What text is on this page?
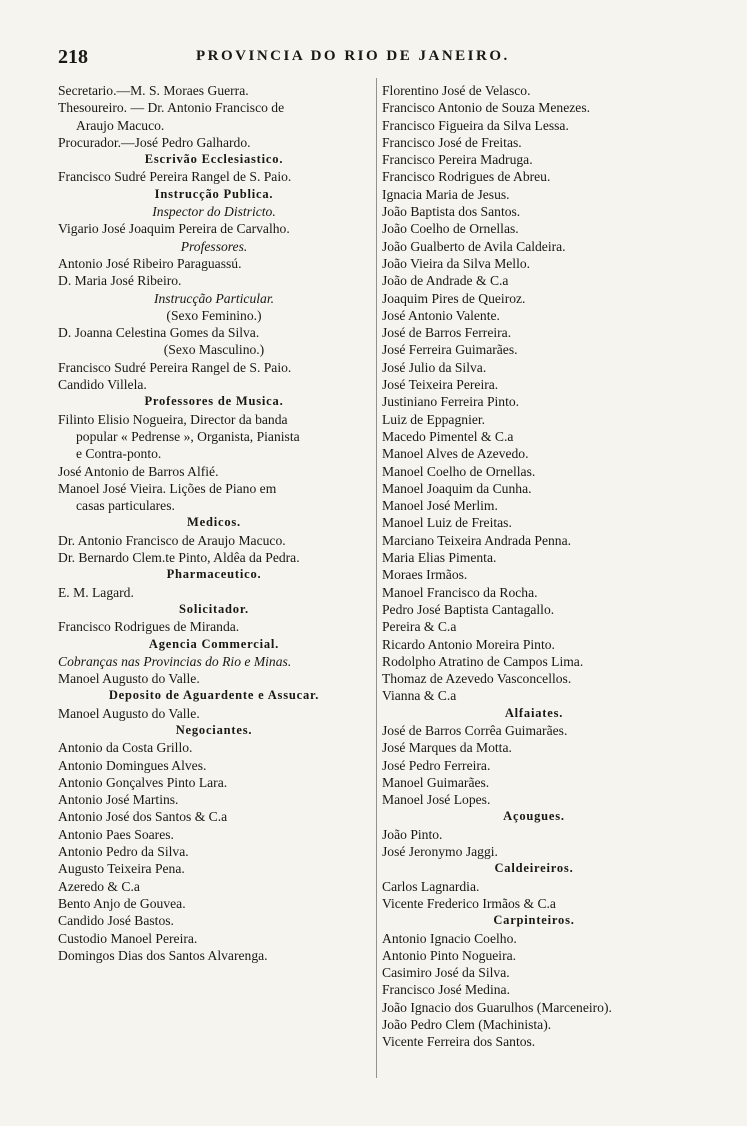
218	PROVINCIA DO RIO DE JANEIRO.
Secretario.—M. S. Moraes Guerra.
Thesoureiro. — Dr. Antonio Francisco de
Araujo Macuco.
Procurador.—José Pedro Galhardo.
Escrivão Ecclesiastico.
Francisco Sudré Pereira Rangel de S. Paio.
Instrucção Publica.
Inspector do Districto.
Vigario José Joaquim Pereira de Carvalho.
Professores.
Antonio José Ribeiro Paraguassú.
D. Maria José Ribeiro.
Instrucção Particular.
(Sexo Feminino.)
D. Joanna Celestina Gomes da Silva.
(Sexo Masculino.)
Francisco Sudré Pereira Rangel de S. Paio.
Candido Villela.
Professores de Musica.
Filinto Elisio Nogueira, Director da banda
popular « Pedrense », Organista, Pianista
e Contra-ponto.
José Antonio de Barros Alfié.
Manoel José Vieira. Lições de Piano em
casas particulares.
Medicos.
Dr. Antonio Francisco de Araujo Macuco.
Dr. Bernardo Clem.te Pinto, Aldêa da Pedra.
Pharmaceutico.
E. M. Lagard.
Solicitador.
Francisco Rodrigues de Miranda.
Agencia Commercial.
Cobranças nas Provincias do Rio e Minas.
Manoel Augusto do Valle.
Deposito de Aguardente e Assucar.
Manoel Augusto do Valle.
Negociantes.
Antonio da Costa Grillo.
Antonio Domingues Alves.
Antonio Gonçalves Pinto Lara.
Antonio José Martins.
Antonio José dos Santos & C.a
Antonio Paes Soares.
Antonio Pedro da Silva.
Augusto Teixeira Pena.
Azeredo & C.a
Bento Anjo de Gouvea.
Candido José Bastos.
Custodio Manoel Pereira.
Domingos Dias dos Santos Alvarenga.
Florentino José de Velasco.
Francisco Antonio de Souza Menezes.
Francisco Figueira da Silva Lessa.
Francisco José de Freitas.
Francisco Pereira Madruga.
Francisco Rodrigues de Abreu.
Ignacia Maria de Jesus.
João Baptista dos Santos.
João Coelho de Ornellas.
João Gualberto de Avila Caldeira.
João Vieira da Silva Mello.
João de Andrade & C.a
Joaquim Pires de Queiroz.
José Antonio Valente.
José de Barros Ferreira.
José Ferreira Guimarães.
José Julio da Silva.
José Teixeira Pereira.
Justiniano Ferreira Pinto.
Luiz de Eppagnier.
Macedo Pimentel & C.a
Manoel Alves de Azevedo.
Manoel Coelho de Ornellas.
Manoel Joaquim da Cunha.
Manoel José Merlim.
Manoel Luiz de Freitas.
Marciano Teixeira Andrada Penna.
Maria Elias Pimenta.
Moraes Irmãos.
Manoel Francisco da Rocha.
Pedro José Baptista Cantagallo.
Pereira & C.a
Ricardo Antonio Moreira Pinto.
Rodolpho Atratino de Campos Lima.
Thomaz de Azevedo Vasconcellos.
Vianna & C.a
Alfaiates.
José de Barros Corrêa Guimarães.
José Marques da Motta.
José Pedro Ferreira.
Manoel Guimarães.
Manoel José Lopes.
Açougues.
João Pinto.
José Jeronymo Jaggi.
Caldeireiros.
Carlos Lagnardia.
Vicente Frederico Irmãos & C.a
Carpinteiros.
Antonio Ignacio Coelho.
Antonio Pinto Nogueira.
Casimiro José da Silva.
Francisco José Medina.
João Ignacio dos Guarulhos (Marceneiro).
João Pedro Clem (Machinista).
Vicente Ferreira dos Santos.
